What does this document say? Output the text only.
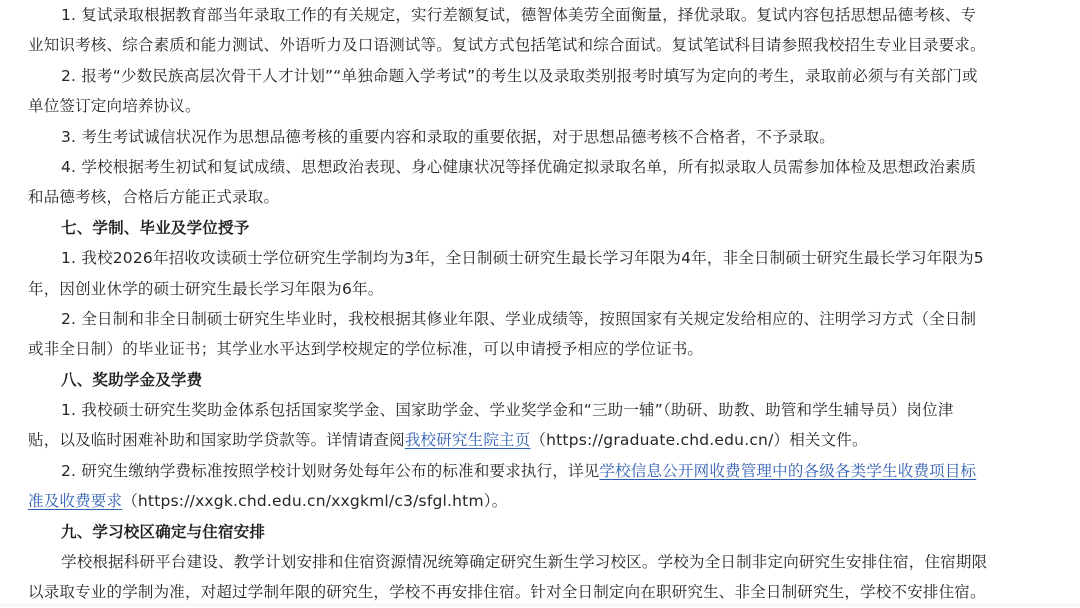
1. 复试录取根据教育部当年录取工作的有关规定，实行差额复试，德智体美劳全面衡量，择优录取。复试内容包括思想品德考核、专
业知识考核、综合素质和能力测试、外语听力及口语测试等。复试方式包括笔试和综合面试。复试笔试科目请参照我校招生专业目录要求。
2. 报考“少数民族高层次骨干人才计划”“单独命题入学考试”的考生以及录取类别报考时填写为定向的考生，录取前必须与有关部门或
单位签订定向培养协议。
3. 考生考试诚信状况作为思想品德考核的重要内容和录取的重要依据，对于思想品德考核不合格者，不予录取。
4. 学校根据考生初试和复试成绩、思想政治表现、身心健康状况等择优确定拟录取名单，所有拟录取人员需参加体检及思想政治素质
和品德考核，合格后方能正式录取。
七、学制、毕业及学位授予
1. 我校2026年招收攻读硕士学位研究生学制均为3年，全日制硕士研究生最长学习年限为4年，非全日制硕士研究生最长学习年限为5
年，因创业休学的硕士研究生最长学习年限为6年。
2. 全日制和非全日制硕士研究生毕业时，我校根据其修业年限、学业成绩等，按照国家有关规定发给相应的、注明学习方式（全日制
或非全日制）的毕业证书；其学业水平达到学校规定的学位标准，可以申请授予相应的学位证书。
八、奖助学金及学费
1. 我校硕士研究生奖助金体系包括国家奖学金、国家助学金、学业奖学金和“三助一辅”（助研、助教、助管和学生辅导员）岗位津
贴，以及临时困难补助和国家助学贷款等。详情请查阅我校研究生院主页（https://graduate.chd.edu.cn/）相关文件。
2. 研究生缴纳学费标准按照学校计划财务处每年公布的标准和要求执行，详见学校信息公开网收费管理中的各级各类学生收费项目标
准及收费要求（https://xxgk.chd.edu.cn/xxgkml/c3/sfgl.htm）。
九、学习校区确定与住宿安排
学校根据科研平台建设、教学计划安排和住宿资源情况统筹确定研究生新生学习校区。学校为全日制非定向研究生安排住宿，住宿期限
以录取专业的学制为准，对超过学制年限的研究生，学校不再安排住宿。针对全日制定向在职研究生、非全日制研究生，学校不安排住宿。
